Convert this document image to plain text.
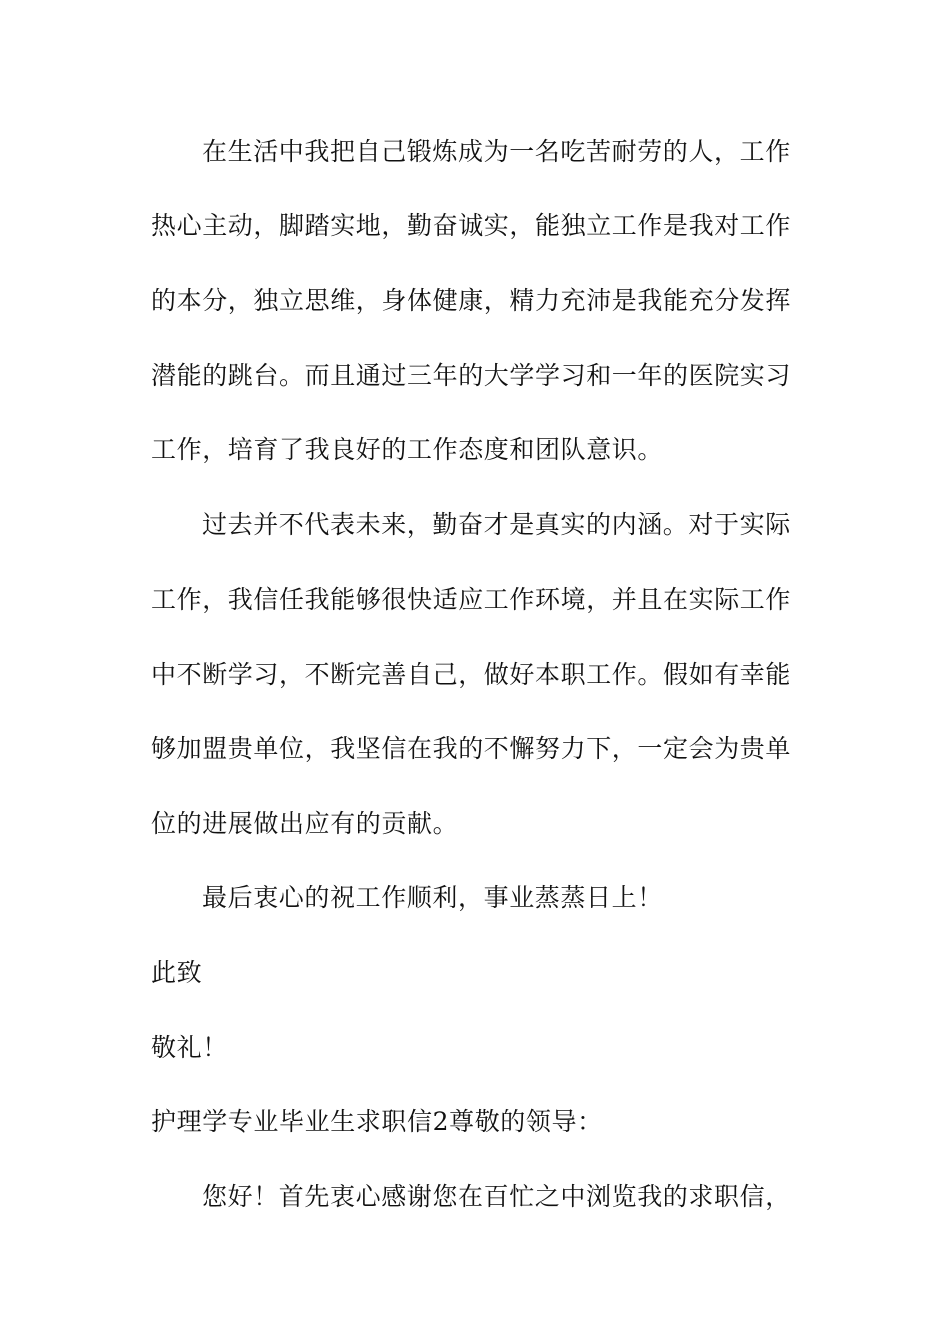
在生活中我把自己锻炼成为一名吃苦耐劳的人，工作
热心主动，脚踏实地，勤奋诚实，能独立工作是我对工作
的本分，独立思维，身体健康，精力充沛是我能充分发挥
潜能的跳台。而且通过三年的大学学习和一年的医院实习
工作，培育了我良好的工作态度和团队意识。
过去并不代表未来，勤奋才是真实的内涵。对于实际
工作，我信任我能够很快适应工作环境，并且在实际工作
中不断学习，不断完善自己，做好本职工作。假如有幸能
够加盟贵单位，我坚信在我的不懈努力下，一定会为贵单
位的进展做出应有的贡献。
最后衷心的祝工作顺利，事业蒸蒸日上！
此致
敬礼！
护理学专业毕业生求职信2尊敬的领导：
您好！首先衷心感谢您在百忙之中浏览我的求职信，
